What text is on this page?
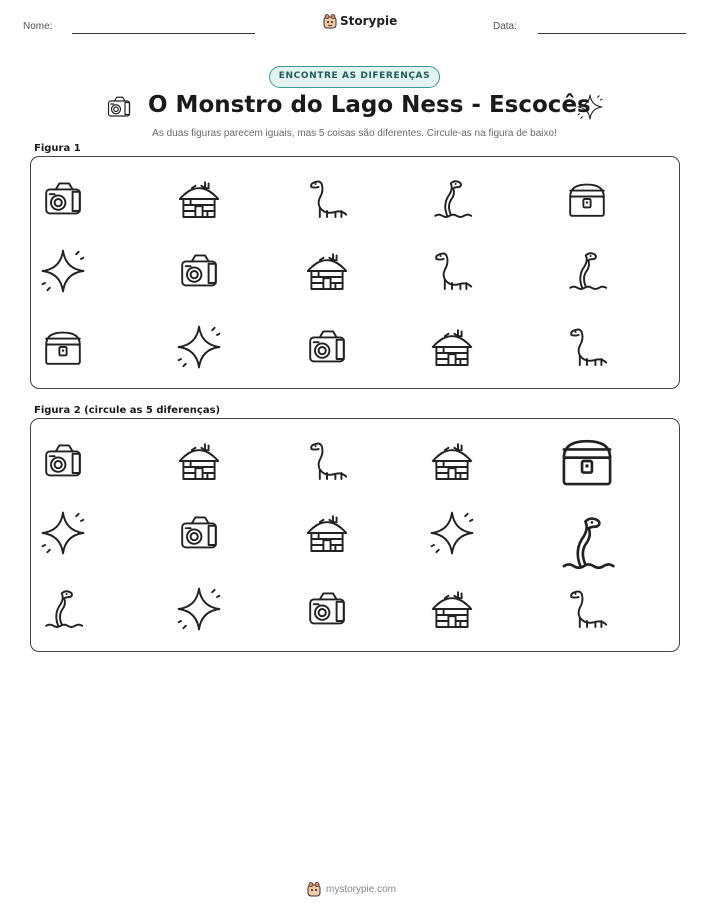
Nome:	Storypie	Data:
ENCONTRE AS DIFERENÇAS
O Monstro do Lago Ness - Escocês
As duas figuras parecem iguais, mas 5 coisas são diferentes. Circule-as na figura de baixo!
Figura 1
Figura 2 (circule as 5 diferenças)
mystorypie.com
